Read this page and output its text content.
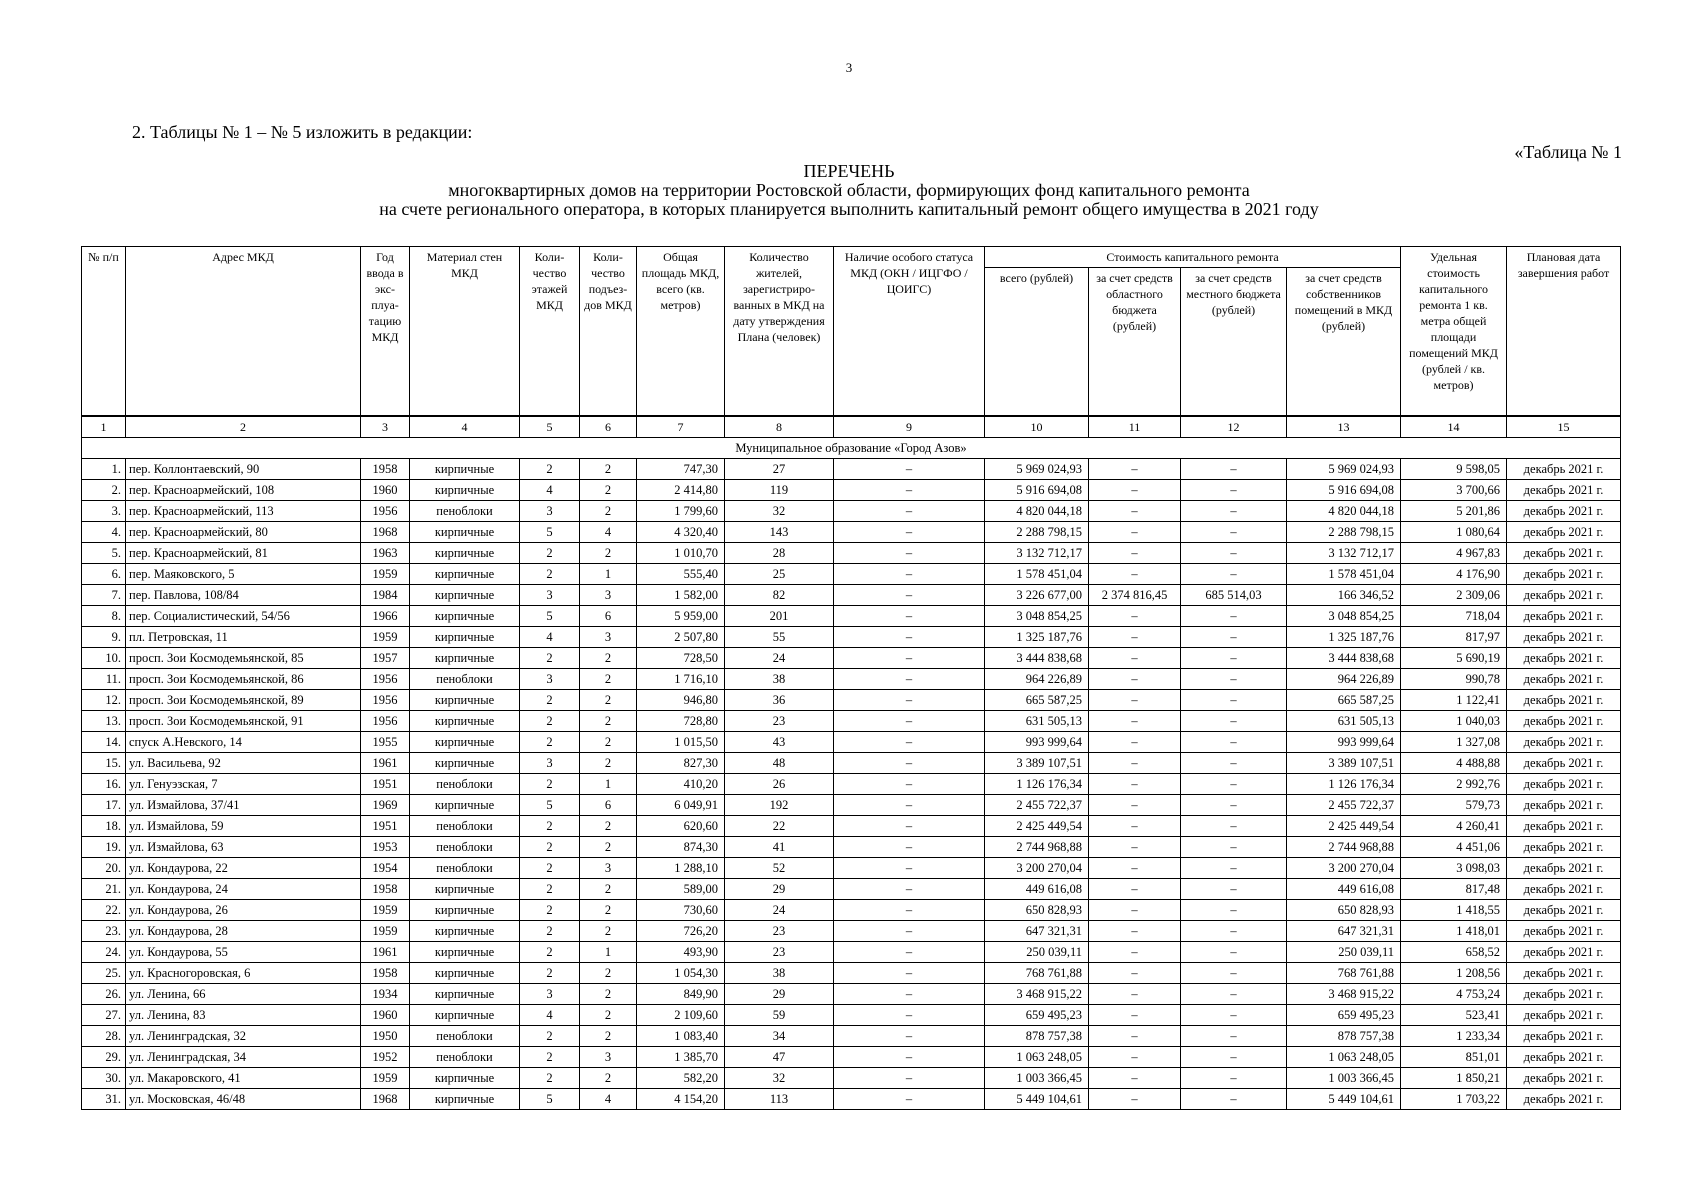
3
2. Таблицы № 1 – № 5 изложить в редакции:
«Таблица № 1
ПЕРЕЧЕНЬ
многоквартирных домов на территории Ростовской области, формирующих фонд капитального ремонта
на счете регионального оператора, в которых планируется выполнить капитальный ремонт общего имущества в 2021 году
№ п/п	Адрес МКД	Год ввода в экс-плуа-тацию МКД	Материал стен МКД	Коли-чество этажей МКД	Коли-чество подъез-дов МКД	Общая площадь МКД, всего (кв. метров)	Количество жителей, зарегистриро-ванных в МКД на дату утверждения Плана (человек)	Наличие особого статуса МКД (ОКН / ИЦГФО / ЦОИГС)	Стоимость капитального ремонта				Удельная стоимость капитального ремонта 1 кв. метра общей площади помещений МКД (рублей / кв. метров)	Плановая дата завершения работ
									всего (рублей)	за счет средств областного бюджета (рублей)	за счет средств местного бюджета (рублей)	за счет средств собственников помещений в МКД (рублей)		
1	2	3	4	5	6	7	8	9	10	11	12	13	14	15
Муниципальное образование «Город Азов»														
1.	пер. Коллонтаевский, 90	1958	кирпичные	2	2	747,30	27	–	5 969 024,93	–	–	5 969 024,93	9 598,05	декабрь 2021 г.
2.	пер. Красноармейский, 108	1960	кирпичные	4	2	2 414,80	119	–	5 916 694,08	–	–	5 916 694,08	3 700,66	декабрь 2021 г.
3.	пер. Красноармейский, 113	1956	пеноблоки	3	2	1 799,60	32	–	4 820 044,18	–	–	4 820 044,18	5 201,86	декабрь 2021 г.
4.	пер. Красноармейский, 80	1968	кирпичные	5	4	4 320,40	143	–	2 288 798,15	–	–	2 288 798,15	1 080,64	декабрь 2021 г.
5.	пер. Красноармейский, 81	1963	кирпичные	2	2	1 010,70	28	–	3 132 712,17	–	–	3 132 712,17	4 967,83	декабрь 2021 г.
6.	пер. Маяковского, 5	1959	кирпичные	2	1	555,40	25	–	1 578 451,04	–	–	1 578 451,04	4 176,90	декабрь 2021 г.
7.	пер. Павлова, 108/84	1984	кирпичные	3	3	1 582,00	82	–	3 226 677,00	2 374 816,45	685 514,03	166 346,52	2 309,06	декабрь 2021 г.
8.	пер. Социалистический, 54/56	1966	кирпичные	5	6	5 959,00	201	–	3 048 854,25	–	–	3 048 854,25	718,04	декабрь 2021 г.
9.	пл. Петровская, 11	1959	кирпичные	4	3	2 507,80	55	–	1 325 187,76	–	–	1 325 187,76	817,97	декабрь 2021 г.
10.	просп. Зои Космодемьянской, 85	1957	кирпичные	2	2	728,50	24	–	3 444 838,68	–	–	3 444 838,68	5 690,19	декабрь 2021 г.
11.	просп. Зои Космодемьянской, 86	1956	пеноблоки	3	2	1 716,10	38	–	964 226,89	–	–	964 226,89	990,78	декабрь 2021 г.
12.	просп. Зои Космодемьянской, 89	1956	кирпичные	2	2	946,80	36	–	665 587,25	–	–	665 587,25	1 122,41	декабрь 2021 г.
13.	просп. Зои Космодемьянской, 91	1956	кирпичные	2	2	728,80	23	–	631 505,13	–	–	631 505,13	1 040,03	декабрь 2021 г.
14.	спуск А.Невского, 14	1955	кирпичные	2	2	1 015,50	43	–	993 999,64	–	–	993 999,64	1 327,08	декабрь 2021 г.
15.	ул. Васильева, 92	1961	кирпичные	3	2	827,30	48	–	3 389 107,51	–	–	3 389 107,51	4 488,88	декабрь 2021 г.
16.	ул. Генуэзская, 7	1951	пеноблоки	2	1	410,20	26	–	1 126 176,34	–	–	1 126 176,34	2 992,76	декабрь 2021 г.
17.	ул. Измайлова, 37/41	1969	кирпичные	5	6	6 049,91	192	–	2 455 722,37	–	–	2 455 722,37	579,73	декабрь 2021 г.
18.	ул. Измайлова, 59	1951	пеноблоки	2	2	620,60	22	–	2 425 449,54	–	–	2 425 449,54	4 260,41	декабрь 2021 г.
19.	ул. Измайлова, 63	1953	пеноблоки	2	2	874,30	41	–	2 744 968,88	–	–	2 744 968,88	4 451,06	декабрь 2021 г.
20.	ул. Кондаурова, 22	1954	пеноблоки	2	3	1 288,10	52	–	3 200 270,04	–	–	3 200 270,04	3 098,03	декабрь 2021 г.
21.	ул. Кондаурова, 24	1958	кирпичные	2	2	589,00	29	–	449 616,08	–	–	449 616,08	817,48	декабрь 2021 г.
22.	ул. Кондаурова, 26	1959	кирпичные	2	2	730,60	24	–	650 828,93	–	–	650 828,93	1 418,55	декабрь 2021 г.
23.	ул. Кондаурова, 28	1959	кирпичные	2	2	726,20	23	–	647 321,31	–	–	647 321,31	1 418,01	декабрь 2021 г.
24.	ул. Кондаурова, 55	1961	кирпичные	2	1	493,90	23	–	250 039,11	–	–	250 039,11	658,52	декабрь 2021 г.
25.	ул. Красногоровская, 6	1958	кирпичные	2	2	1 054,30	38	–	768 761,88	–	–	768 761,88	1 208,56	декабрь 2021 г.
26.	ул. Ленина, 66	1934	кирпичные	3	2	849,90	29	–	3 468 915,22	–	–	3 468 915,22	4 753,24	декабрь 2021 г.
27.	ул. Ленина, 83	1960	кирпичные	4	2	2 109,60	59	–	659 495,23	–	–	659 495,23	523,41	декабрь 2021 г.
28.	ул. Ленинградская, 32	1950	пеноблоки	2	2	1 083,40	34	–	878 757,38	–	–	878 757,38	1 233,34	декабрь 2021 г.
29.	ул. Ленинградская, 34	1952	пеноблоки	2	3	1 385,70	47	–	1 063 248,05	–	–	1 063 248,05	851,01	декабрь 2021 г.
30.	ул. Макаровского, 41	1959	кирпичные	2	2	582,20	32	–	1 003 366,45	–	–	1 003 366,45	1 850,21	декабрь 2021 г.
31.	ул. Московская, 46/48	1968	кирпичные	5	4	4 154,20	113	–	5 449 104,61	–	–	5 449 104,61	1 703,22	декабрь 2021 г.
